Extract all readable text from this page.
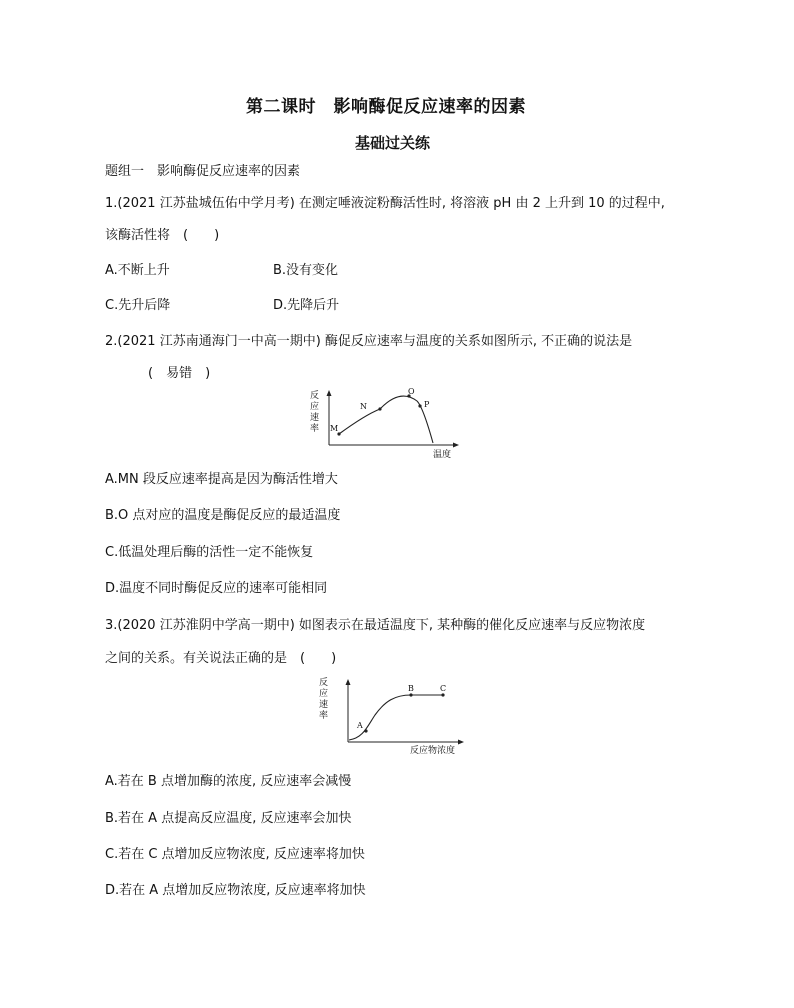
第二课时　影响酶促反应速率的因素
基础过关练
题组一　影响酶促反应速率的因素
1.(2021 江苏盐城伍佑中学月考) 在测定唾液淀粉酶活性时, 将溶液 pH 由 2 上升到 10 的过程中,
该酶活性将　(　　)
A.不断上升	B.没有变化
C.先升后降	D.先降后升
2.(2021 江苏南通海门一中高一期中) 酶促反应速率与温度的关系如图所示, 不正确的说法是
(　易错　)
反
应
速
率 M
N
O
P
温度
A.MN 段反应速率提高是因为酶活性增大
B.O 点对应的温度是酶促反应的最适温度
C.低温处理后酶的活性一定不能恢复
D.温度不同时酶促反应的速率可能相同
3.(2020 江苏淮阴中学高一期中) 如图表示在最适温度下, 某种酶的催化反应速率与反应物浓度
之间的关系。有关说法正确的是　(　　)
反
应
速
率
A
B	C
反应物浓度
A.若在 B 点增加酶的浓度, 反应速率会减慢
B.若在 A 点提高反应温度, 反应速率会加快
C.若在 C 点增加反应物浓度, 反应速率将加快
D.若在 A 点增加反应物浓度, 反应速率将加快
